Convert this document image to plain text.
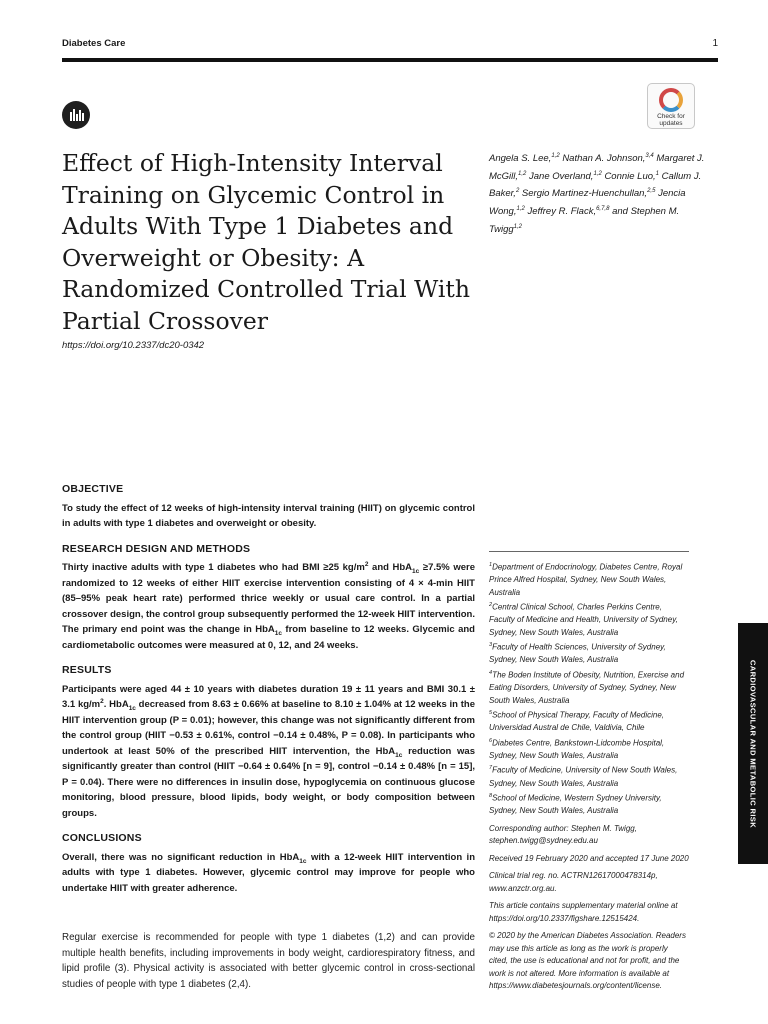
Diabetes Care	1
Check for
updates
Effect of High-Intensity Interval Training on Glycemic Control in Adults With Type 1 Diabetes and Overweight or Obesity: A Randomized Controlled Trial With Partial Crossover
https://doi.org/10.2337/dc20-0342
Angela S. Lee,$^{1,2}$ Nathan A. Johnson,$^{3,4}$ Margaret J. McGill,$^{1,2}$ Jane Overland,$^{1,2}$ Connie Luo,$^1$ Callum J. Baker,$^2$ Sergio Martinez-Huenchullan,$^{2,5}$ Jencia Wong,$^{1,2}$ Jeffrey R. Flack,$^{6,7,8}$ and Stephen M. Twigg$^{1,2}$
OBJECTIVE

To study the effect of 12 weeks of high-intensity interval training (HIIT) on glycemic control in adults with type 1 diabetes and overweight or obesity.

RESEARCH DESIGN AND METHODS

Thirty inactive adults with type 1 diabetes who had BMI ≥25 $kg/m^2$ and HbA$_{1c}$ ≥7.5% were randomized to 12 weeks of either HIIT exercise intervention consisting of 4 × 4-min HIIT (85–95% peak heart rate) performed thrice weekly or usual care control. In a partial crossover design, the control group subsequently performed the 12-week HIIT intervention. The primary end point was the change in HbA$_{1c}$ from baseline to 12 weeks. Glycemic and cardiometabolic outcomes were measured at 0, 12, and 24 weeks.

RESULTS

Participants were aged 44 ± 10 years with diabetes duration 19 ± 11 years and BMI 30.1 ± 3.1 $kg/m^2$. HbA$_{1c}$ decreased from 8.63 ± 0.66% at baseline to 8.10 ± 1.04% at 12 weeks in the HIIT intervention group (P = 0.01); however, this change was not significantly different from the control group (HIIT −0.53 ± 0.61%, control −0.14 ± 0.48%, P = 0.08). In participants who undertook at least 50% of the prescribed HIIT intervention, the HbA$_{1c}$ reduction was significantly greater than control (HIIT −0.64 ± 0.64% [n = 9], control −0.14 ± 0.48% [n = 15], P = 0.04). There were no differences in insulin dose, hypoglycemia on continuous glucose monitoring, blood pressure, blood lipids, body weight, or body composition between groups.

CONCLUSIONS

Overall, there was no significant reduction in HbA$_{1c}$ with a 12-week HIIT intervention in adults with type 1 diabetes. However, glycemic control may improve for people who undertake HIIT with greater adherence.

Regular exercise is recommended for people with type 1 diabetes (1,2) and can provide multiple health benefits, including improvements in body weight, cardiorespiratory fitness, and lipid profile (3). Physical activity is associated with better glycemic control in cross-sectional studies of people with type 1 diabetes (2,4).

$^1$Department of Endocrinology, Diabetes Centre, Royal Prince Alfred Hospital, Sydney, New South Wales, Australia

$^2$Central Clinical School, Charles Perkins Centre, Faculty of Medicine and Health, University of Sydney, Sydney, New South Wales, Australia

$^3$Faculty of Health Sciences, University of Sydney, Sydney, New South Wales, Australia

$^4$The Boden Institute of Obesity, Nutrition, Exercise and Eating Disorders, University of Sydney, Sydney, New South Wales, Australia

$^5$School of Physical Therapy, Faculty of Medicine, Universidad Austral de Chile, Valdivia, Chile

$^6$Diabetes Centre, Bankstown-Lidcombe Hospital, Sydney, New South Wales, Australia

$^7$Faculty of Medicine, University of New South Wales, Sydney, New South Wales, Australia

$^8$School of Medicine, Western Sydney University, Sydney, New South Wales, Australia

Corresponding author: Stephen M. Twigg, stephen.twigg@sydney.edu.au

Received 19 February 2020 and accepted 17 June 2020

Clinical trial reg. no. ACTRN12617000478314p, www.anzctr.org.au.

This article contains supplementary material online at https://doi.org/10.2337/figshare.12515424.

© 2020 by the American Diabetes Association. Readers may use this article as long as the work is properly cited, the use is educational and not for profit, and the work is not altered. More information is available at https://www.diabetesjournals.org/content/license.

CARDIOVASCULAR AND METABOLIC RISK
